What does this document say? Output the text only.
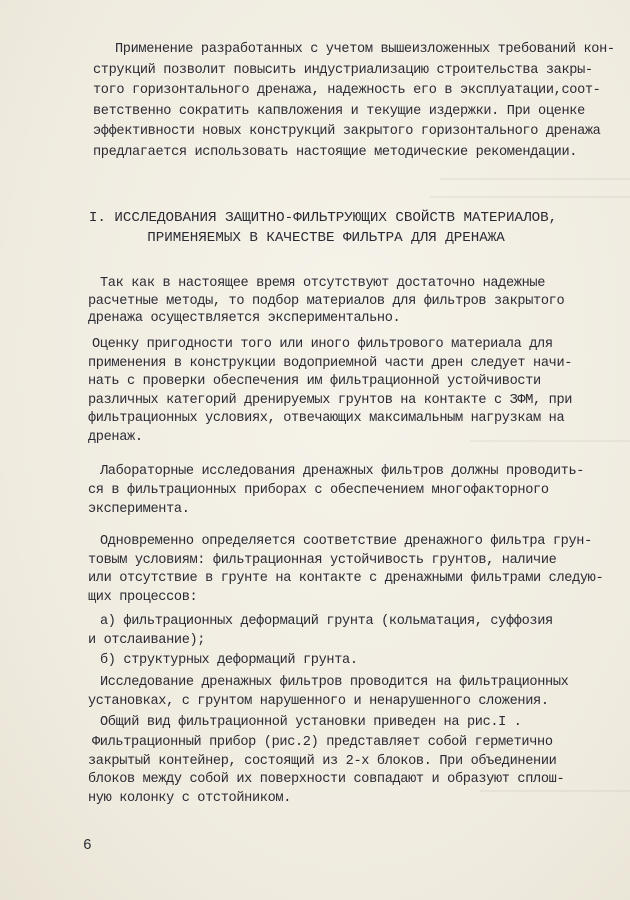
Применение разработанных с учетом вышеизложенных требований кон-
струкций позволит повысить индустриализацию строительства закры-
того горизонтального дренажа, надежность его в эксплуатации,соот-
ветственно сократить капвложения и текущие издержки. При оценке
эффективности новых конструкций закрытого горизонтального дренажа
предлагается использовать настоящие методические рекомендации.
I. ИССЛЕДОВАНИЯ ЗАЩИТНО-ФИЛЬТРУЮЩИХ СВОЙСТВ МАТЕРИАЛОВ,
ПРИМЕНЯЕМЫХ В КАЧЕСТВЕ ФИЛЬТРА ДЛЯ ДРЕНАЖА
Так как в настоящее время отсутствуют достаточно надежные
расчетные методы, то подбор материалов для фильтров закрытого
дренажа осуществляется экспериментально.
Оценку пригодности того или иного фильтрового материала для
применения в конструкции водоприемной части дрен следует начи-
нать с проверки обеспечения им фильтрационной устойчивости
различных категорий дренируемых грунтов на контакте с ЗФМ, при
фильтрационных условиях, отвечающих максимальным нагрузкам на
дренаж.
Лабораторные исследования дренажных фильтров должны проводить-
ся в фильтрационных приборах с обеспечением многофакторного
эксперимента.
Одновременно определяется соответствие дренажного фильтра грун-
товым условиям: фильтрационная устойчивость грунтов, наличие
или отсутствие в грунте на контакте с дренажными фильтрами следую-
щих процессов:
а) фильтрационных деформаций грунта (кольматация, суффозия
и отслаивание);
б) структурных деформаций грунта.
Исследование дренажных фильтров проводится на фильтрационных
установках, с грунтом нарушенного и ненарушенного сложения.
Общий вид фильтрационной установки приведен на рис.I .
Фильтрационный прибор (рис.2) представляет собой герметично
закрытый контейнер, состоящий из 2-х блоков. При объединении
блоков между собой их поверхности совпадают и образуют сплош-
ную колонку с отстойником.
6
